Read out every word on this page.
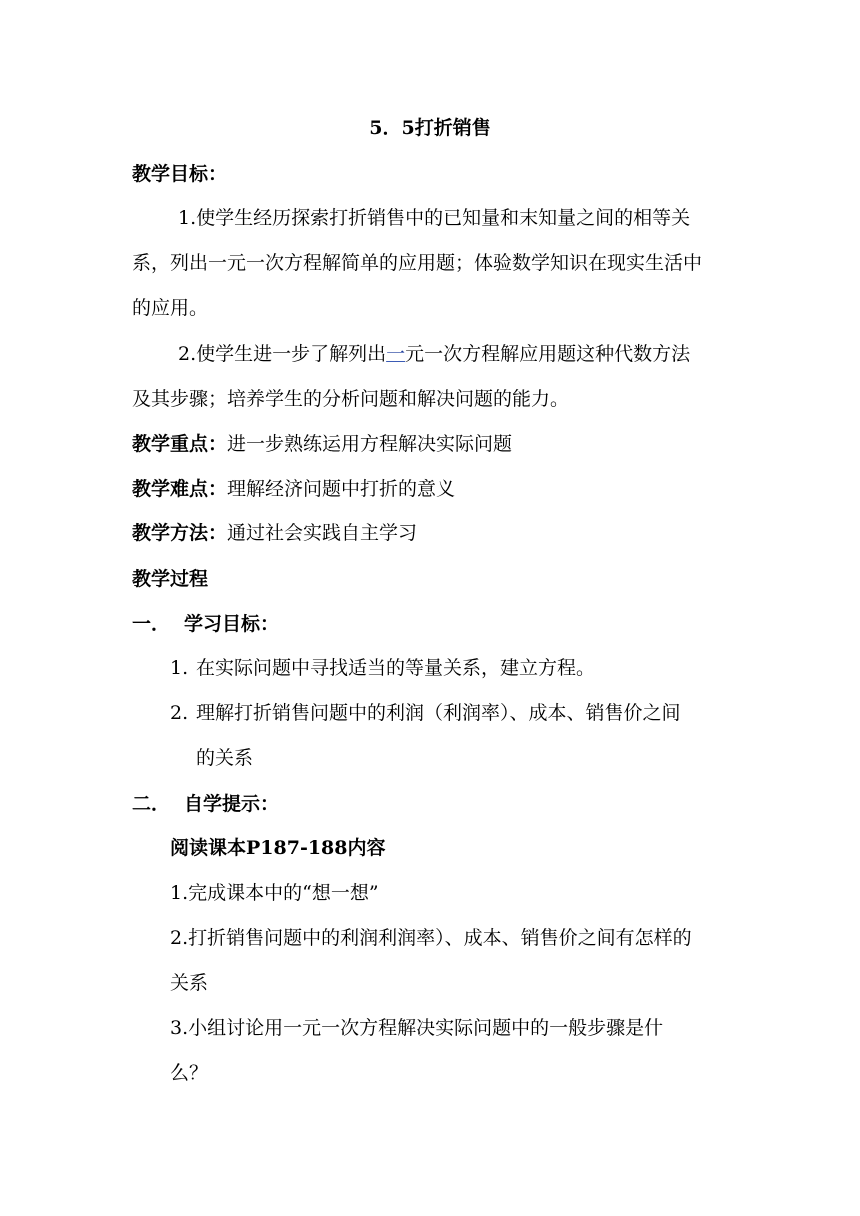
5．5打折销售
教学目标：
1.使学生经历探索打折销售中的已知量和末知量之间的相等关
系，列出一元一次方程解简单的应用题；体验数学知识在现实生活中
的应用。
2.使学生进一步了解列出一元一次方程解应用题这种代数方法
及其步骤；培养学生的分析问题和解决问题的能力。
教学重点：进一步熟练运用方程解决实际问题
教学难点：理解经济问题中打折的意义
教学方法：通过社会实践自主学习
教学过程
一． 学习目标：
1. 在实际问题中寻找适当的等量关系，建立方程。
2. 理解打折销售问题中的利润（利润率）、成本、销售价之间
的关系
二． 自学提示：
阅读课本P187-188内容
1.完成课本中的“想一想”
2.打折销售问题中的利润利润率）、成本、销售价之间有怎样的
关系
3.小组讨论用一元一次方程解决实际问题中的一般步骤是什
么？
